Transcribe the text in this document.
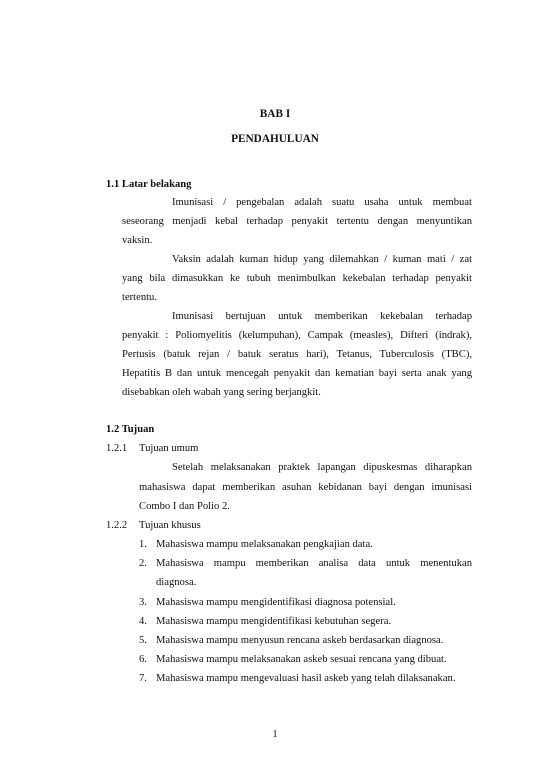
BAB I
PENDAHULUAN
1.1 Latar belakang
Imunisasi / pengebalan adalah suatu usaha untuk membuat
seseorang menjadi kebal terhadap penyakit tertentu dengan menyuntikan
vaksin.
Vaksin adalah kuman hidup yang dilemahkan / kuman mati / zat
yang bila dimasukkan ke tubuh menimbulkan kekebalan terhadap penyakit
tertentu.
Imunisasi bertujuan untuk memberikan kekebalan terhadap
penyakit : Poliomyelitis (kelumpuhan), Campak (measles), Difteri (indrak),
Pertusis (batuk rejan / batuk seratus hari), Tetanus, Tuberculosis (TBC),
Hepatitis B dan untuk mencegah penyakit dan kematian bayi serta anak yang
disebabkan oleh wabah yang sering berjangkit.
1.2 Tujuan
1.2.1 Tujuan umum
Setelah melaksanakan praktek lapangan dipuskesmas diharapkan
mahasiswa dapat memberikan asuhan kebidanan bayi dengan imunisasi
Combo I dan Polio 2.
1.2.2 Tujuan khusus
1. Mahasiswa mampu melaksanakan pengkajian data.
2. Mahasiswa mampu memberikan analisa data untuk menentukan
diagnosa.
3. Mahasiswa mampu mengidentifikasi diagnosa potensial.
4. Mahasiswa mampu mengidentifikasi kebutuhan segera.
5. Mahasiswa mampu menyusun rencana askeb berdasarkan diagnosa.
6. Mahasiswa mampu melaksanakan askeb sesuai rencana yang dibuat.
7. Mahasiswa mampu mengevaluasi hasil askeb yang telah dilaksanakan.
1
